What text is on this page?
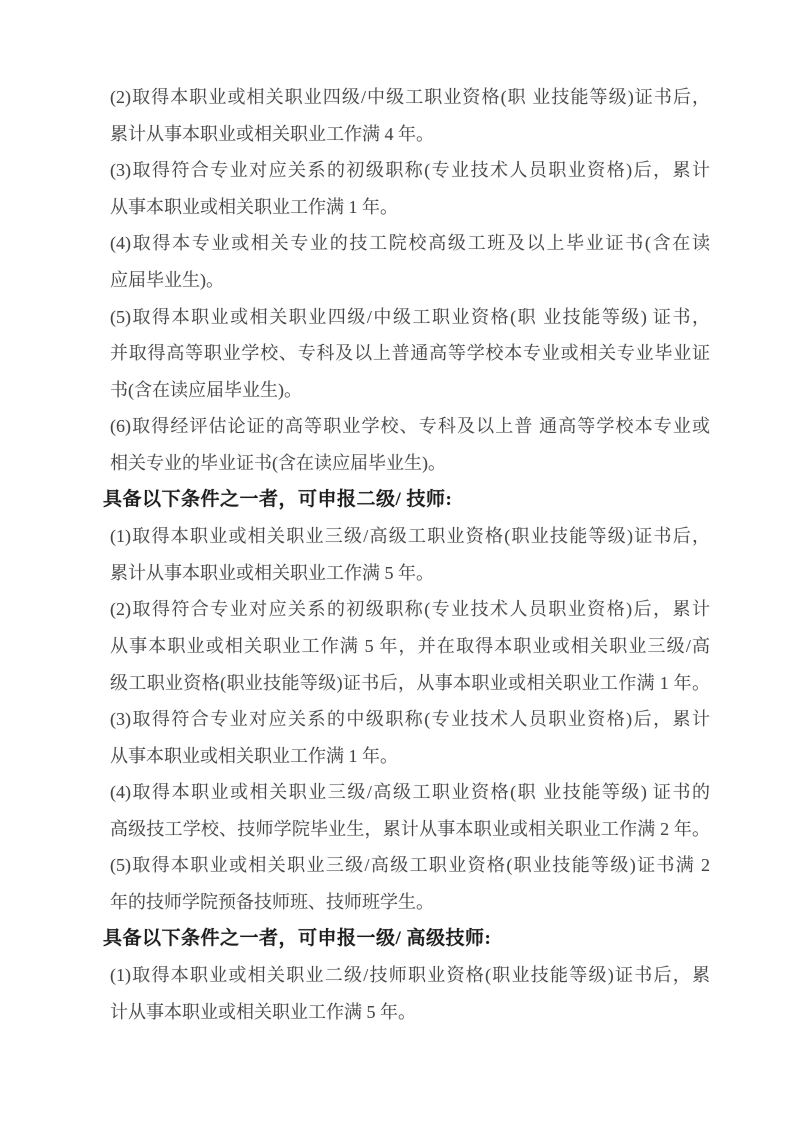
(2)取得本职业或相关职业四级/中级工职业资格(职 业技能等级)证书后，
累计从事本职业或相关职业工作满 4 年。
(3)取得符合专业对应关系的初级职称(专业技术人员职业资格)后，累计
从事本职业或相关职业工作满 1 年。
(4)取得本专业或相关专业的技工院校高级工班及以上毕业证书(含在读
应届毕业生)。
(5)取得本职业或相关职业四级/中级工职业资格(职 业技能等级) 证书，
并取得高等职业学校、专科及以上普通高等学校本专业或相关专业毕业证
书(含在读应届毕业生)。
(6)取得经评估论证的高等职业学校、专科及以上普 通高等学校本专业或
相关专业的毕业证书(含在读应届毕业生)。
具备以下条件之一者，可申报二级/ 技师:
(1)取得本职业或相关职业三级/高级工职业资格(职业技能等级)证书后，
累计从事本职业或相关职业工作满 5 年。
(2)取得符合专业对应关系的初级职称(专业技术人员职业资格)后，累计
从事本职业或相关职业工作满 5 年，并在取得本职业或相关职业三级/高
级工职业资格(职业技能等级)证书后，从事本职业或相关职业工作满 1 年。
(3)取得符合专业对应关系的中级职称(专业技术人员职业资格)后，累计
从事本职业或相关职业工作满 1 年。
(4)取得本职业或相关职业三级/高级工职业资格(职 业技能等级) 证书的
高级技工学校、技师学院毕业生，累计从事本职业或相关职业工作满 2 年。
(5)取得本职业或相关职业三级/高级工职业资格(职业技能等级)证书满 2
年的技师学院预备技师班、技师班学生。
具备以下条件之一者，可申报一级/ 高级技师:
(1)取得本职业或相关职业二级/技师职业资格(职业技能等级)证书后，累
计从事本职业或相关职业工作满 5 年。
